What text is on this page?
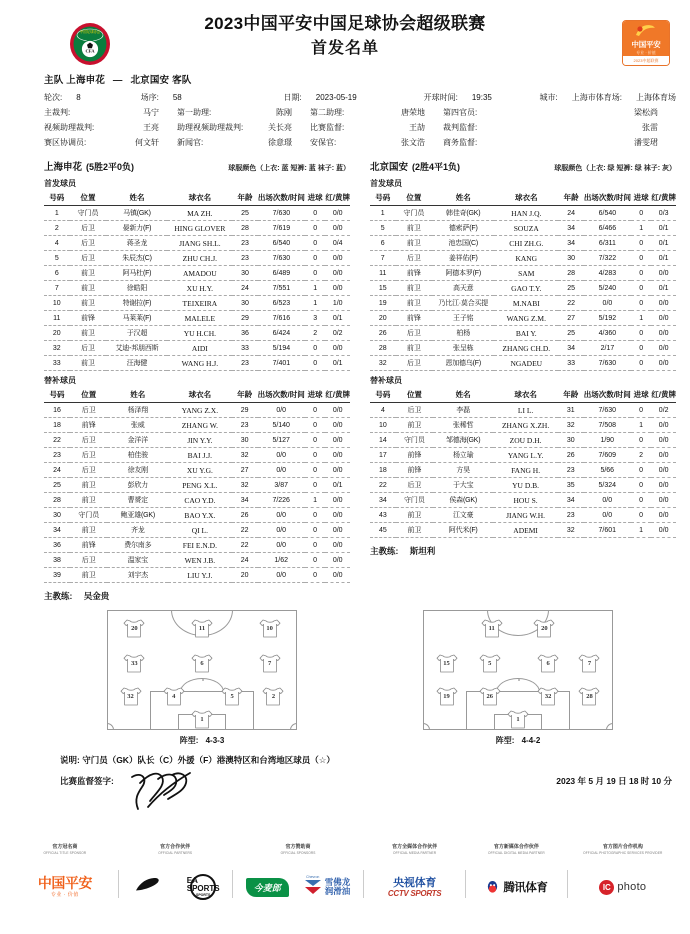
中国足球协会
CFA
2023中国平安中国足球协会超级联赛
首发名单	中国平安
专业 · 价值
2023中超联赛
主队 上海申花 — 北京国安 客队
轮次: 8	场序: 58	日期: 2023-05-19	开球时间: 19:35	城市: 上海市 体育场: 上海体育场
主裁判:	马宁	第一助理:	陈刚	第二助理:	唐荣地	第四官员:	梁松尚
视频助理裁判:	王亮	助理视频助理裁判:	关长亮	比赛监督:	王劼	裁判监督:	张雷
赛区协调员:	何文轩	新闻官:	徐意璟	安保官:	张文浩	商务监督:	潘雯珺
上海申花 (5胜2平0负)	球服颜色（上衣: 蓝 短裤: 蓝 袜子: 蓝）
首发球员
号码	位置	姓名	球衣名	年龄	出场次数/时间	进球	红/黄牌
1	守门员	马镇(GK)	MA ZH.	25	7/630	0	0/0
2	后卫	晏新力(F)	HING GLOVER	28	7/619	0	0/0
4	后卫	蒋圣龙	JIANG SH.L.	23	6/540	0	0/4
5	后卫	朱辰杰(C)	ZHU CH.J.	23	7/630	0	0/0
6	前卫	阿马杜(F)	AMADOU	30	6/489	0	0/0
7	前卫	徐皓阳	XU H.Y.	24	7/551	1	0/0
10	前卫	特谢拉(F)	TEIXEIRA	30	6/523	1	1/0
11	前锋	马莱莱(F)	MALELE	29	7/616	3	0/1
20	前卫	于汉超	YU H.CH.	36	6/424	2	0/2
32	后卫	艾迪-邦朋西斯	AIDI	33	5/194	0	0/0
33	前卫	汪海健	WANG H.J.	23	7/401	0	0/1
替补球员
号码	位置	姓名	球衣名	年龄	出场次数/时间	进球	红/黄牌
16	后卫	杨泽翔	YANG Z.X.	29	0/0	0	0/0
18	前锋	张威	ZHANG W.	23	5/140	0	0/0
22	后卫	金洋洋	JIN Y.Y.	30	5/127	0	0/0
23	后卫	柏佳骏	BAI J.J.	32	0/0	0	0/0
24	后卫	徐友刚	XU Y.G.	27	0/0	0	0/0
25	前卫	彭欣力	PENG X.L.	32	3/87	0	0/1
28	前卫	曹赟定	CAO Y.D.	34	7/226	1	0/0
30	守门员	鲍亚雄(GK)	BAO Y.X.	26	0/0	0	0/0
34	前卫	齐龙	QI L.	22	0/0	0	0/0
36	前锋	费尔南多	FEI E.N.D.	22	0/0	0	0/0
38	后卫	温家宝	WEN J.B.	24	1/62	0	0/0
39	前卫	刘宇杰	LIU Y.J.	20	0/0	0	0/0
主教练: 吴金贵
北京国安 (2胜4平1负)	球服颜色（上衣: 绿 短裤: 绿 袜子: 灰）
首发球员
号码	位置	姓名	球衣名	年龄	出场次数/时间	进球	红/黄牌
1	守门员	韩佳奇(GK)	HAN J.Q.	24	6/540	0	0/3
5	前卫	德索萨(F)	SOUZA	34	6/466	1	0/1
6	前卫	池忠国(C)	CHI ZH.G.	34	6/311	0	0/1
7	后卫	姜祥佑(F)	KANG	30	7/322	0	0/1
11	前锋	阿德本罗(F)	SAM	28	4/283	0	0/0
15	前卫	高天意	GAO T.Y.	25	5/240	0	0/1
19	前卫	乃比江·莫合买提	M.NABI	22	0/0	0	0/0
20	前锋	王子铭	WANG Z.M.	27	5/192	1	0/0
26	后卫	柏杨	BAI Y.	25	4/360	0	0/0
28	前卫	张呈栋	ZHANG CH.D.	34	2/17	0	0/0
32	后卫	恩加德乌(F)	NGADEU	33	7/630	0	0/0
替补球员
号码	位置	姓名	球衣名	年龄	出场次数/时间	进球	红/黄牌
4	后卫	李磊	LI L.	31	7/630	0	0/2
10	前卫	张稀哲	ZHANG X.ZH.	32	7/508	1	0/0
14	守门员	邹德海(GK)	ZOU D.H.	30	1/90	0	0/0
17	前锋	杨立瑜	YANG L.Y.	26	7/609	2	0/0
18	前锋	方昊	FANG H.	23	5/66	0	0/0
22	后卫	于大宝	YU D.B.	35	5/324	0	0/0
34	守门员	侯森(GK)	HOU S.	34	0/0	0	0/0
43	前卫	江文豪	JIANG W.H.	23	0/0	0	0/0
45	前卫	阿代米(F)	ADEMI	32	7/601	1	0/0
主教练: 斯坦利
11
20	10
33	6	7
32	4	5	2
1
阵型: 4-3-3
11	20
15	5	6	7
19	26	32	28
1
阵型: 4-4-2
说明: 守门员（GK）队长（C）外援（F）港澳特区和台湾地区球员（☆）
比赛监督签字:	2023 年 5 月 19 日 18 时 10 分
官方冠名商
OFFICIAL TITLE SPONSOR
中国平安
专业 · 价值
官方合作伙伴
OFFICIAL PARTNERS
EA SPORTS
SPORTS
官方赞助商
OFFICIAL SPONSORS
今麦郎
Chevron
雪佛龙
润滑油
官方全媒体合作伙伴
OFFICIAL MEDIA PARTNER
央视体育
CCTV SPORTS
官方新媒体合作伙伴
OFFICIAL DIGITAL MEDIA PARTNER
腾讯体育
官方图片合作机构
OFFICIAL PHOTOGRAPHIC SERVICES PROVIDER
IC photo
